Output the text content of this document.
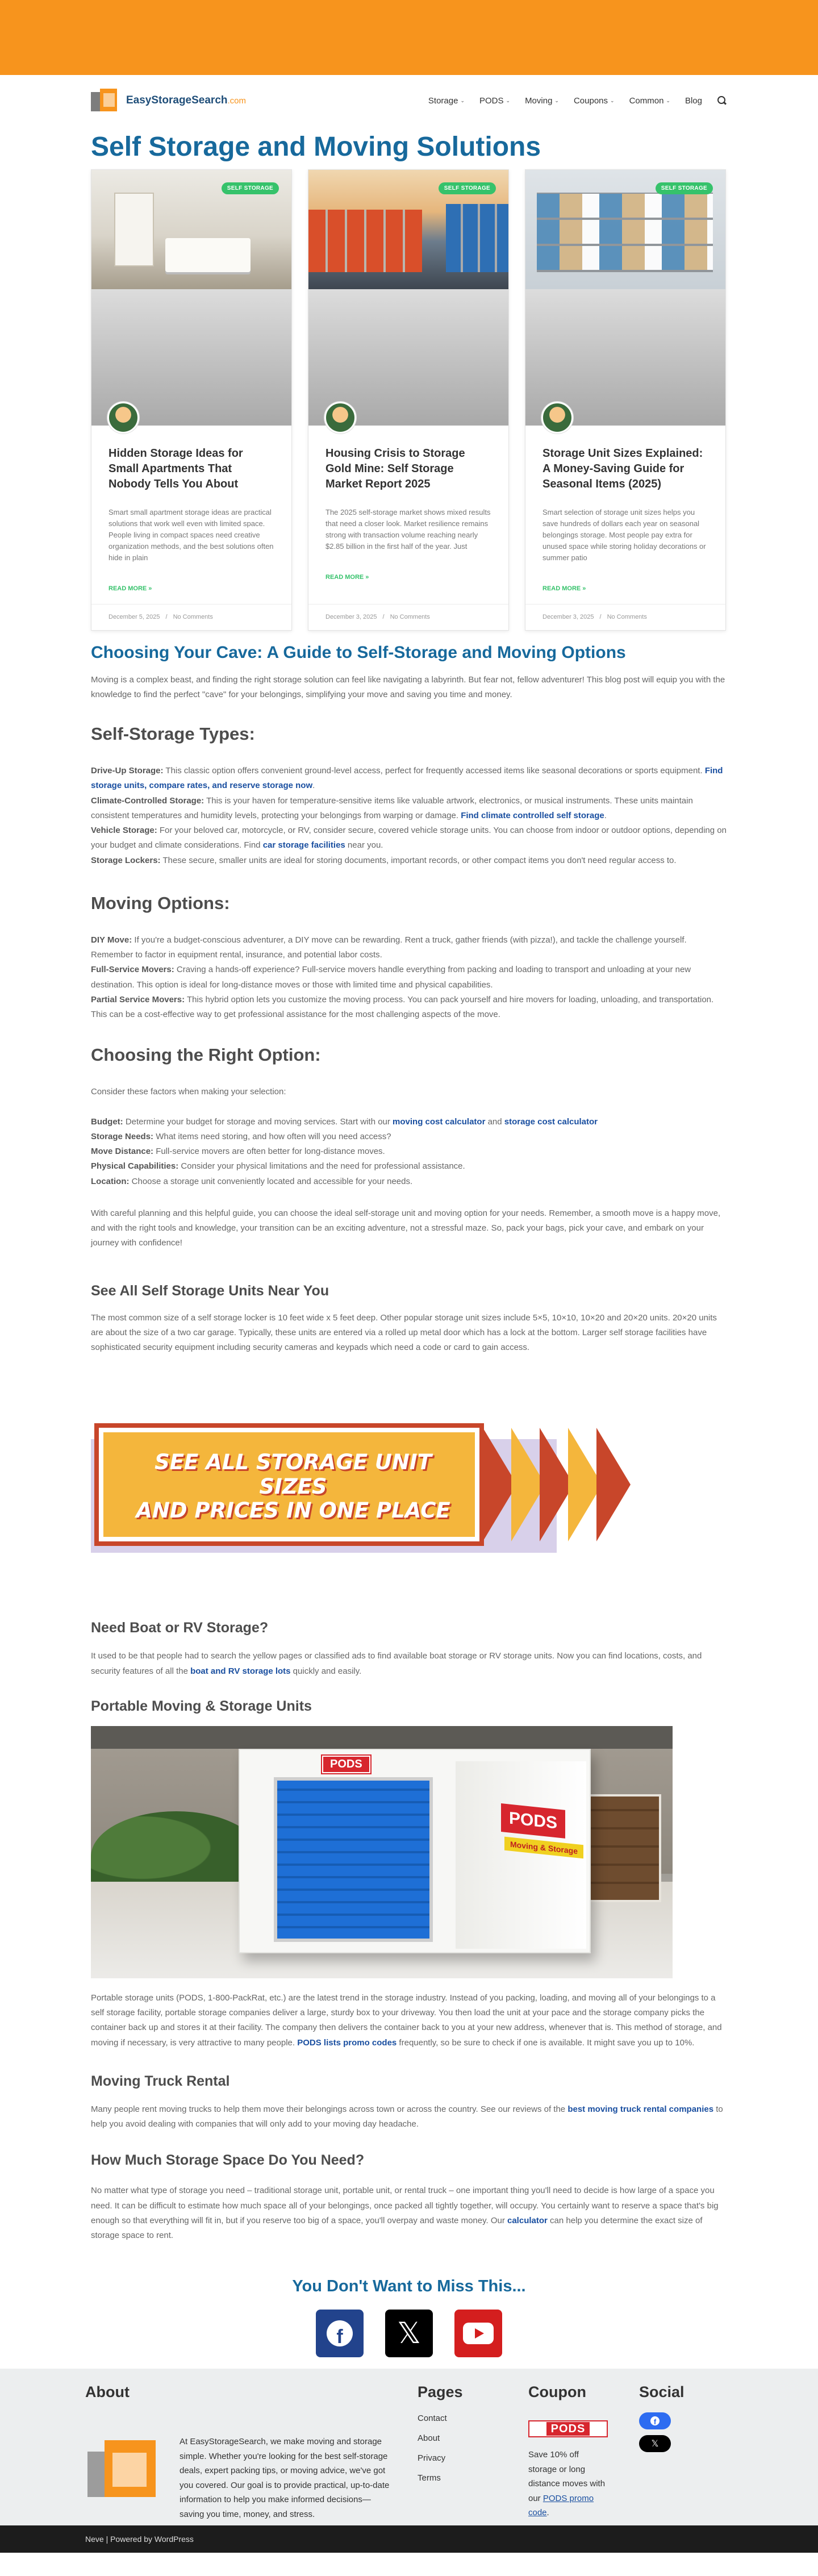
EasyStorageSearch.com	Storage ⌄ PODS ⌄ Moving ⌄ Coupons ⌄ Common ⌄ Blog
Self Storage and Moving Solutions
SELF STORAGE
Hidden Storage Ideas for Small Apartments That Nobody Tells You About

Smart small apartment storage ideas are practical solutions that work well even with limited space. People living in compact spaces need creative organization methods, and the best solutions often hide in plain

READ MORE »
December 5, 2025 / No Comments
SELF STORAGE
Housing Crisis to Storage Gold Mine: Self Storage Market Report 2025

The 2025 self-storage market shows mixed results that need a closer look. Market resilience remains strong with transaction volume reaching nearly $2.85 billion in the first half of the year. Just

READ MORE »
December 3, 2025 / No Comments
SELF STORAGE
Storage Unit Sizes Explained: A Money-Saving Guide for Seasonal Items (2025)

Smart selection of storage unit sizes helps you save hundreds of dollars each year on seasonal belongings storage. Most people pay extra for unused space while storing holiday decorations or summer patio

READ MORE »
December 3, 2025 / No Comments
Choosing Your Cave: A Guide to Self-Storage and Moving Options

Moving is a complex beast, and finding the right storage solution can feel like navigating a labyrinth. But fear not, fellow adventurer! This blog post will equip you with the knowledge to find the perfect "cave" for your belongings, simplifying your move and saving you time and money.

Self-Storage Types:
Drive-Up Storage: This classic option offers convenient ground-level access, perfect for frequently accessed items like seasonal decorations or sports equipment. Find storage units, compare rates, and reserve storage now.
Climate-Controlled Storage: This is your haven for temperature-sensitive items like valuable artwork, electronics, or musical instruments. These units maintain consistent temperatures and humidity levels, protecting your belongings from warping or damage. Find climate controlled self storage.
Vehicle Storage: For your beloved car, motorcycle, or RV, consider secure, covered vehicle storage units. You can choose from indoor or outdoor options, depending on your budget and climate considerations. Find car storage facilities near you.
Storage Lockers: These secure, smaller units are ideal for storing documents, important records, or other compact items you don't need regular access to.
Moving Options:
DIY Move: If you're a budget-conscious adventurer, a DIY move can be rewarding. Rent a truck, gather friends (with pizza!), and tackle the challenge yourself. Remember to factor in equipment rental, insurance, and potential labor costs.
Full-Service Movers: Craving a hands-off experience? Full-service movers handle everything from packing and loading to transport and unloading at your new destination. This option is ideal for long-distance moves or those with limited time and physical capabilities.
Partial Service Movers: This hybrid option lets you customize the moving process. You can pack yourself and hire movers for loading, unloading, and transportation. This can be a cost-effective way to get professional assistance for the most challenging aspects of the move.
Choosing the Right Option:

Consider these factors when making your selection:

Budget: Determine your budget for storage and moving services. Start with our moving cost calculator and storage cost calculator
Storage Needs: What items need storing, and how often will you need access?
Move Distance: Full-service movers are often better for long-distance moves.
Physical Capabilities: Consider your physical limitations and the need for professional assistance.
Location: Choose a storage unit conveniently located and accessible for your needs.

With careful planning and this helpful guide, you can choose the ideal self-storage unit and moving option for your needs. Remember, a smooth move is a happy move, and with the right tools and knowledge, your transition can be an exciting adventure, not a stressful maze. So, pack your bags, pick your cave, and embark on your journey with confidence!

See All Self Storage Units Near You

The most common size of a self storage locker is 10 feet wide x 5 feet deep. Other popular storage unit sizes include 5×5, 10×10, 10×20 and 20×20 units. 20×20 units are about the size of a two car garage. Typically, these units are entered via a rolled up metal door which has a lock at the bottom. Larger self storage facilities have sophisticated security equipment including security cameras and keypads which need a code or card to gain access.

SEE ALL STORAGE UNIT SIZES
AND PRICES IN ONE PLACE
Need Boat or RV Storage?

It used to be that people had to search the yellow pages or classified ads to find available boat storage or RV storage units. Now you can find locations, costs, and security features of all the boat and RV storage lots quickly and easily.

Portable Moving & Storage Units
PODS
PODS
Moving & Storage

Portable storage units (PODS, 1-800-PackRat, etc.) are the latest trend in the storage industry. Instead of you packing, loading, and moving all of your belongings to a self storage facility, portable storage companies deliver a large, sturdy box to your driveway. You then load the unit at your pace and the storage company picks the container back up and stores it at their facility. The company then delivers the container back to you at your new address, whenever that is. This method of storage, and moving if necessary, is very attractive to many people. PODS lists promo codes frequently, so be sure to check if one is available. It might save you up to 10%.

Moving Truck Rental

Many people rent moving trucks to help them move their belongings across town or across the country. See our reviews of the best moving truck rental companies to help you avoid dealing with companies that will only add to your moving day headache.

How Much Storage Space Do You Need?

No matter what type of storage you need – traditional storage unit, portable unit, or rental truck – one important thing you'll need to decide is how large of a space you need. It can be difficult to estimate how much space all of your belongings, once packed all tightly together, will occupy. You certainly want to reserve a space that's big enough so that everything will fit in, but if you reserve too big of a space, you'll overpay and waste money. Our calculator can help you determine the exact size of storage space to rent.

You Don't Want to Miss This...
f	𝕏
About

At EasyStorageSearch, we make moving and storage simple. Whether you're looking for the best self-storage deals, expert packing tips, or moving advice, we've got you covered. Our goal is to provide practical, up-to-date information to help you make informed decisions—saving you time, money, and stress.

Pages
Contact
About
Privacy
Terms
Coupon
PODS

Save 10% off storage or long distance moves with our PODS promo code.

Social
f
𝕏
Neve | Powered by WordPress
